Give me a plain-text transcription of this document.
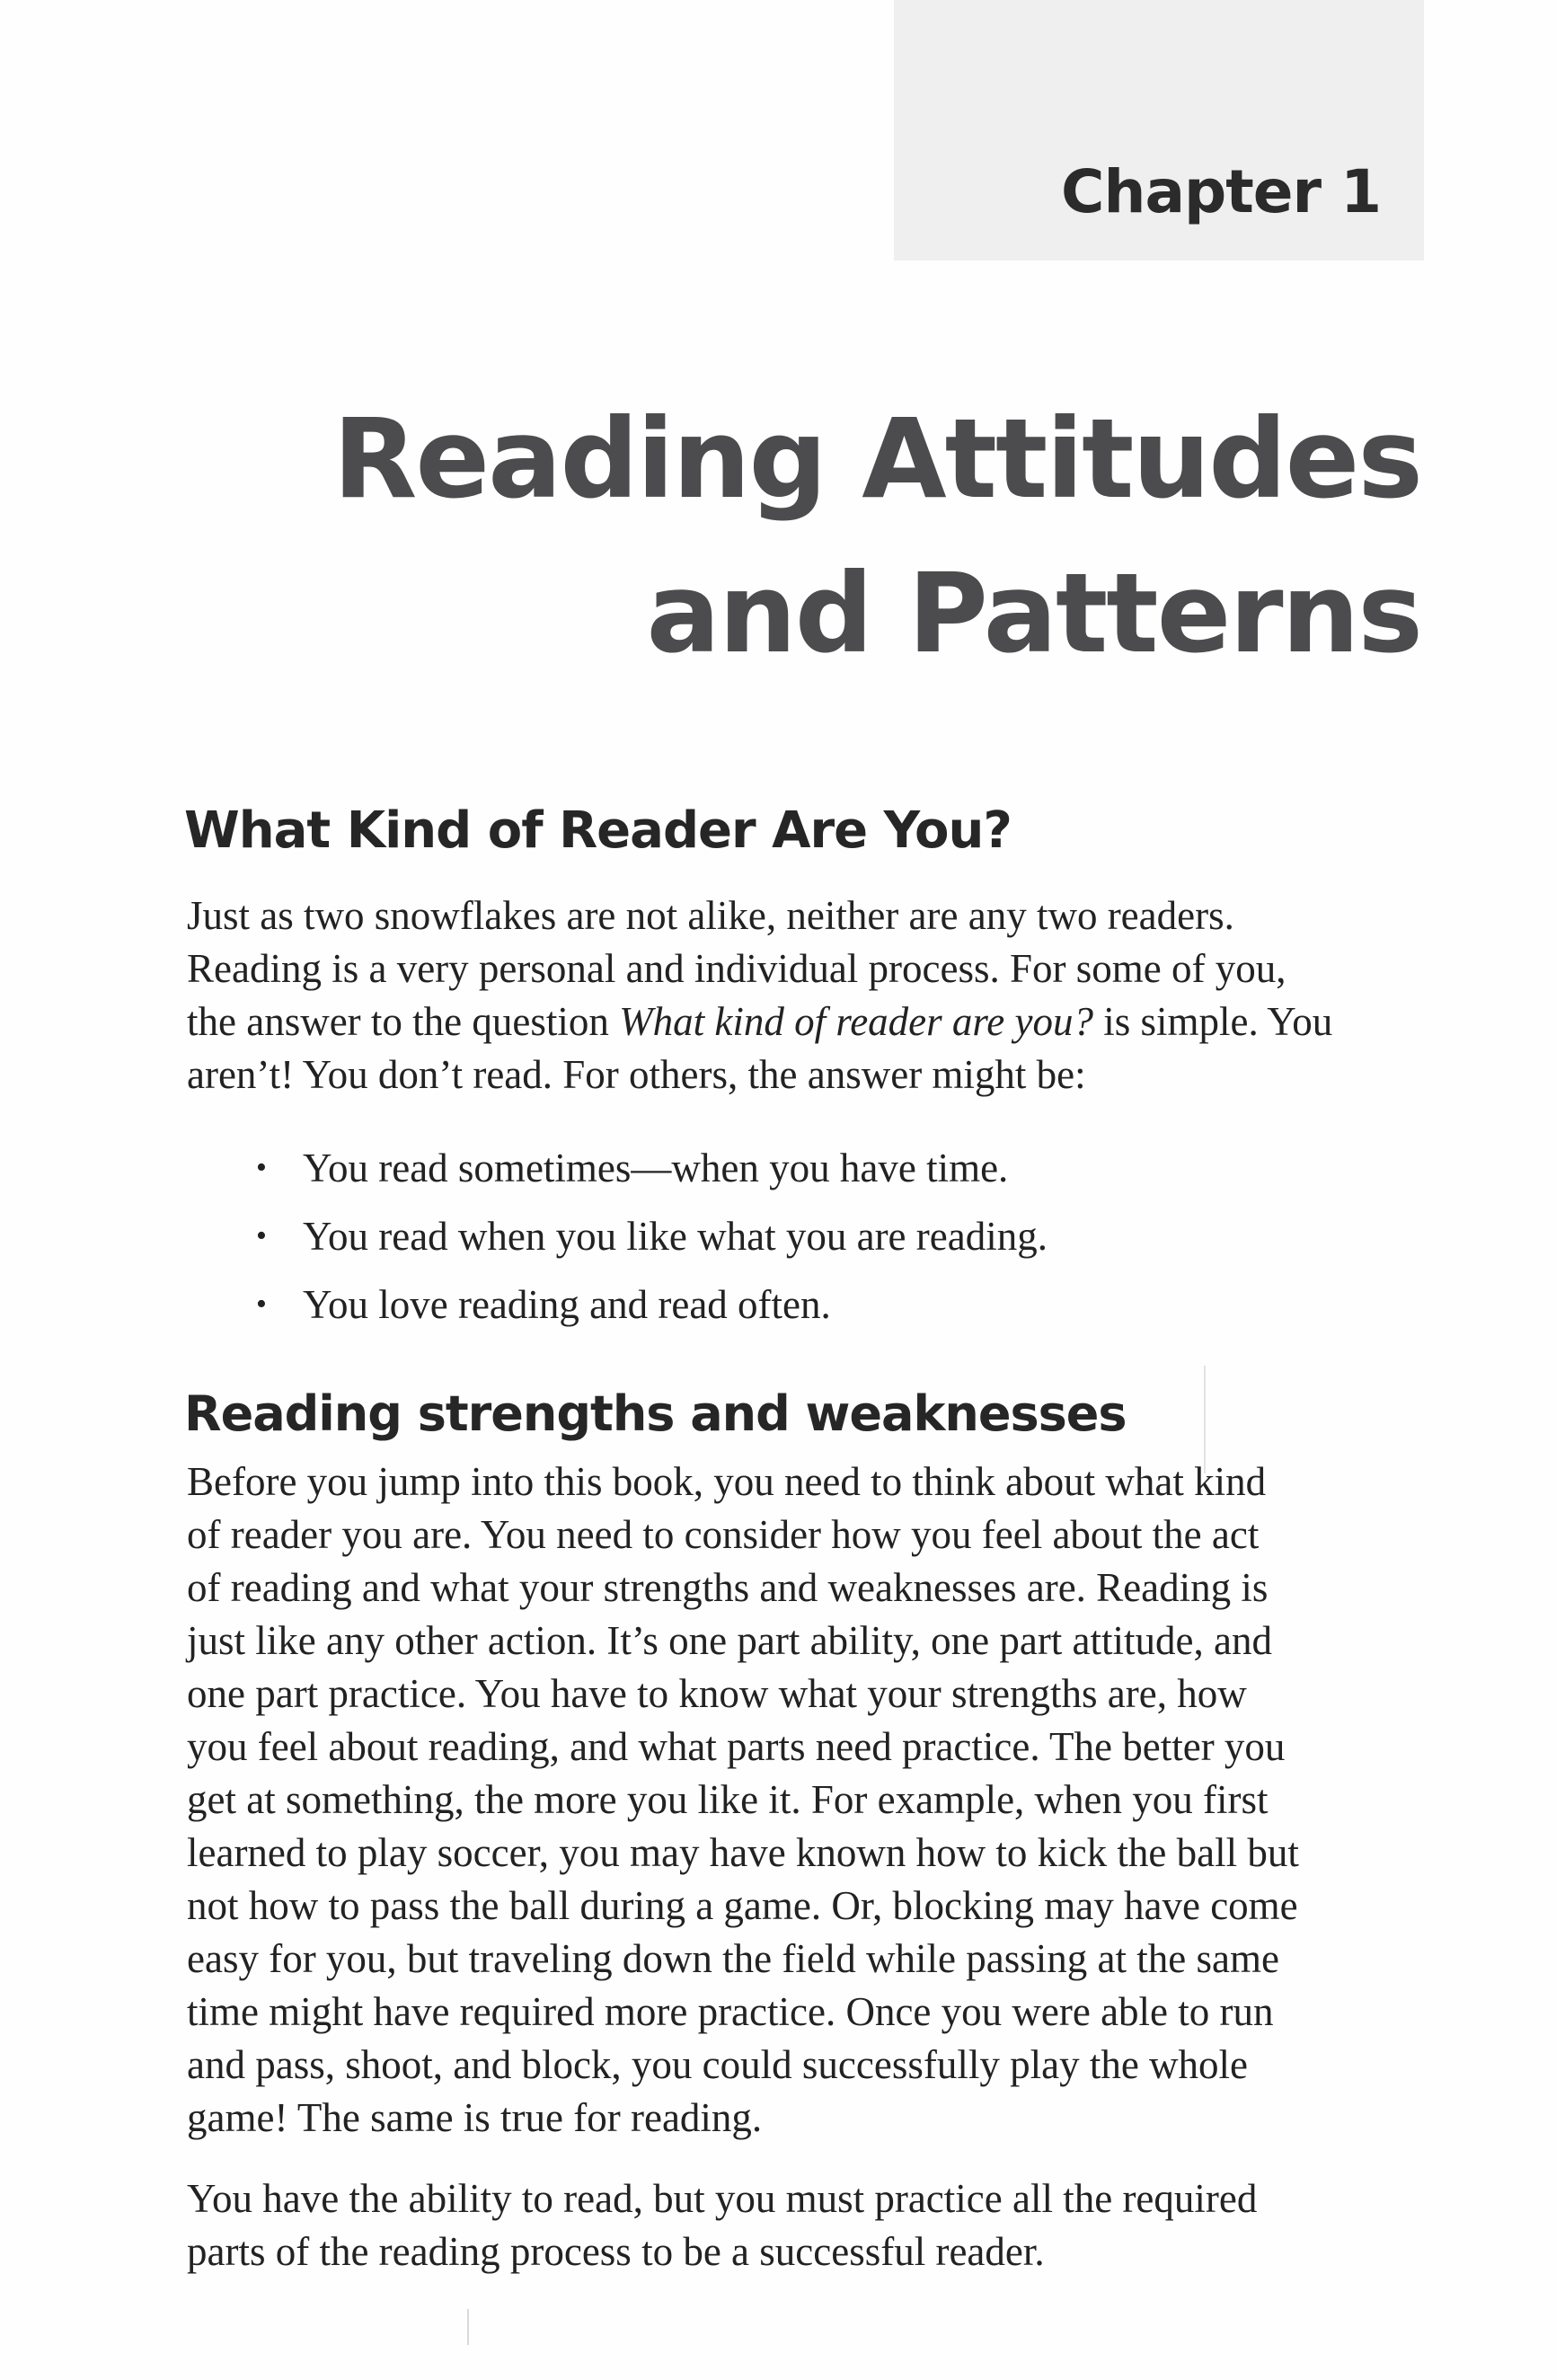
Chapter 1
Reading Attitudes
and Patterns
What Kind of Reader Are You?
Just as two snowflakes are not alike, neither are any two readers.
Reading is a very personal and individual process. For some of you,
the answer to the question What kind of reader are you? is simple. You
aren’t! You don’t read. For others, the answer might be:
• You read sometimes—when you have time.
• You read when you like what you are reading.
• You love reading and read often.
Reading strengths and weaknesses
Before you jump into this book, you need to think about what kind
of reader you are. You need to consider how you feel about the act
of reading and what your strengths and weaknesses are. Reading is
just like any other action. It’s one part ability, one part attitude, and
one part practice. You have to know what your strengths are, how
you feel about reading, and what parts need practice. The better you
get at something, the more you like it. For example, when you first
learned to play soccer, you may have known how to kick the ball but
not how to pass the ball during a game. Or, blocking may have come
easy for you, but traveling down the field while passing at the same
time might have required more practice. Once you were able to run
and pass, shoot, and block, you could successfully play the whole
game! The same is true for reading.
You have the ability to read, but you must practice all the required
parts of the reading process to be a successful reader.
